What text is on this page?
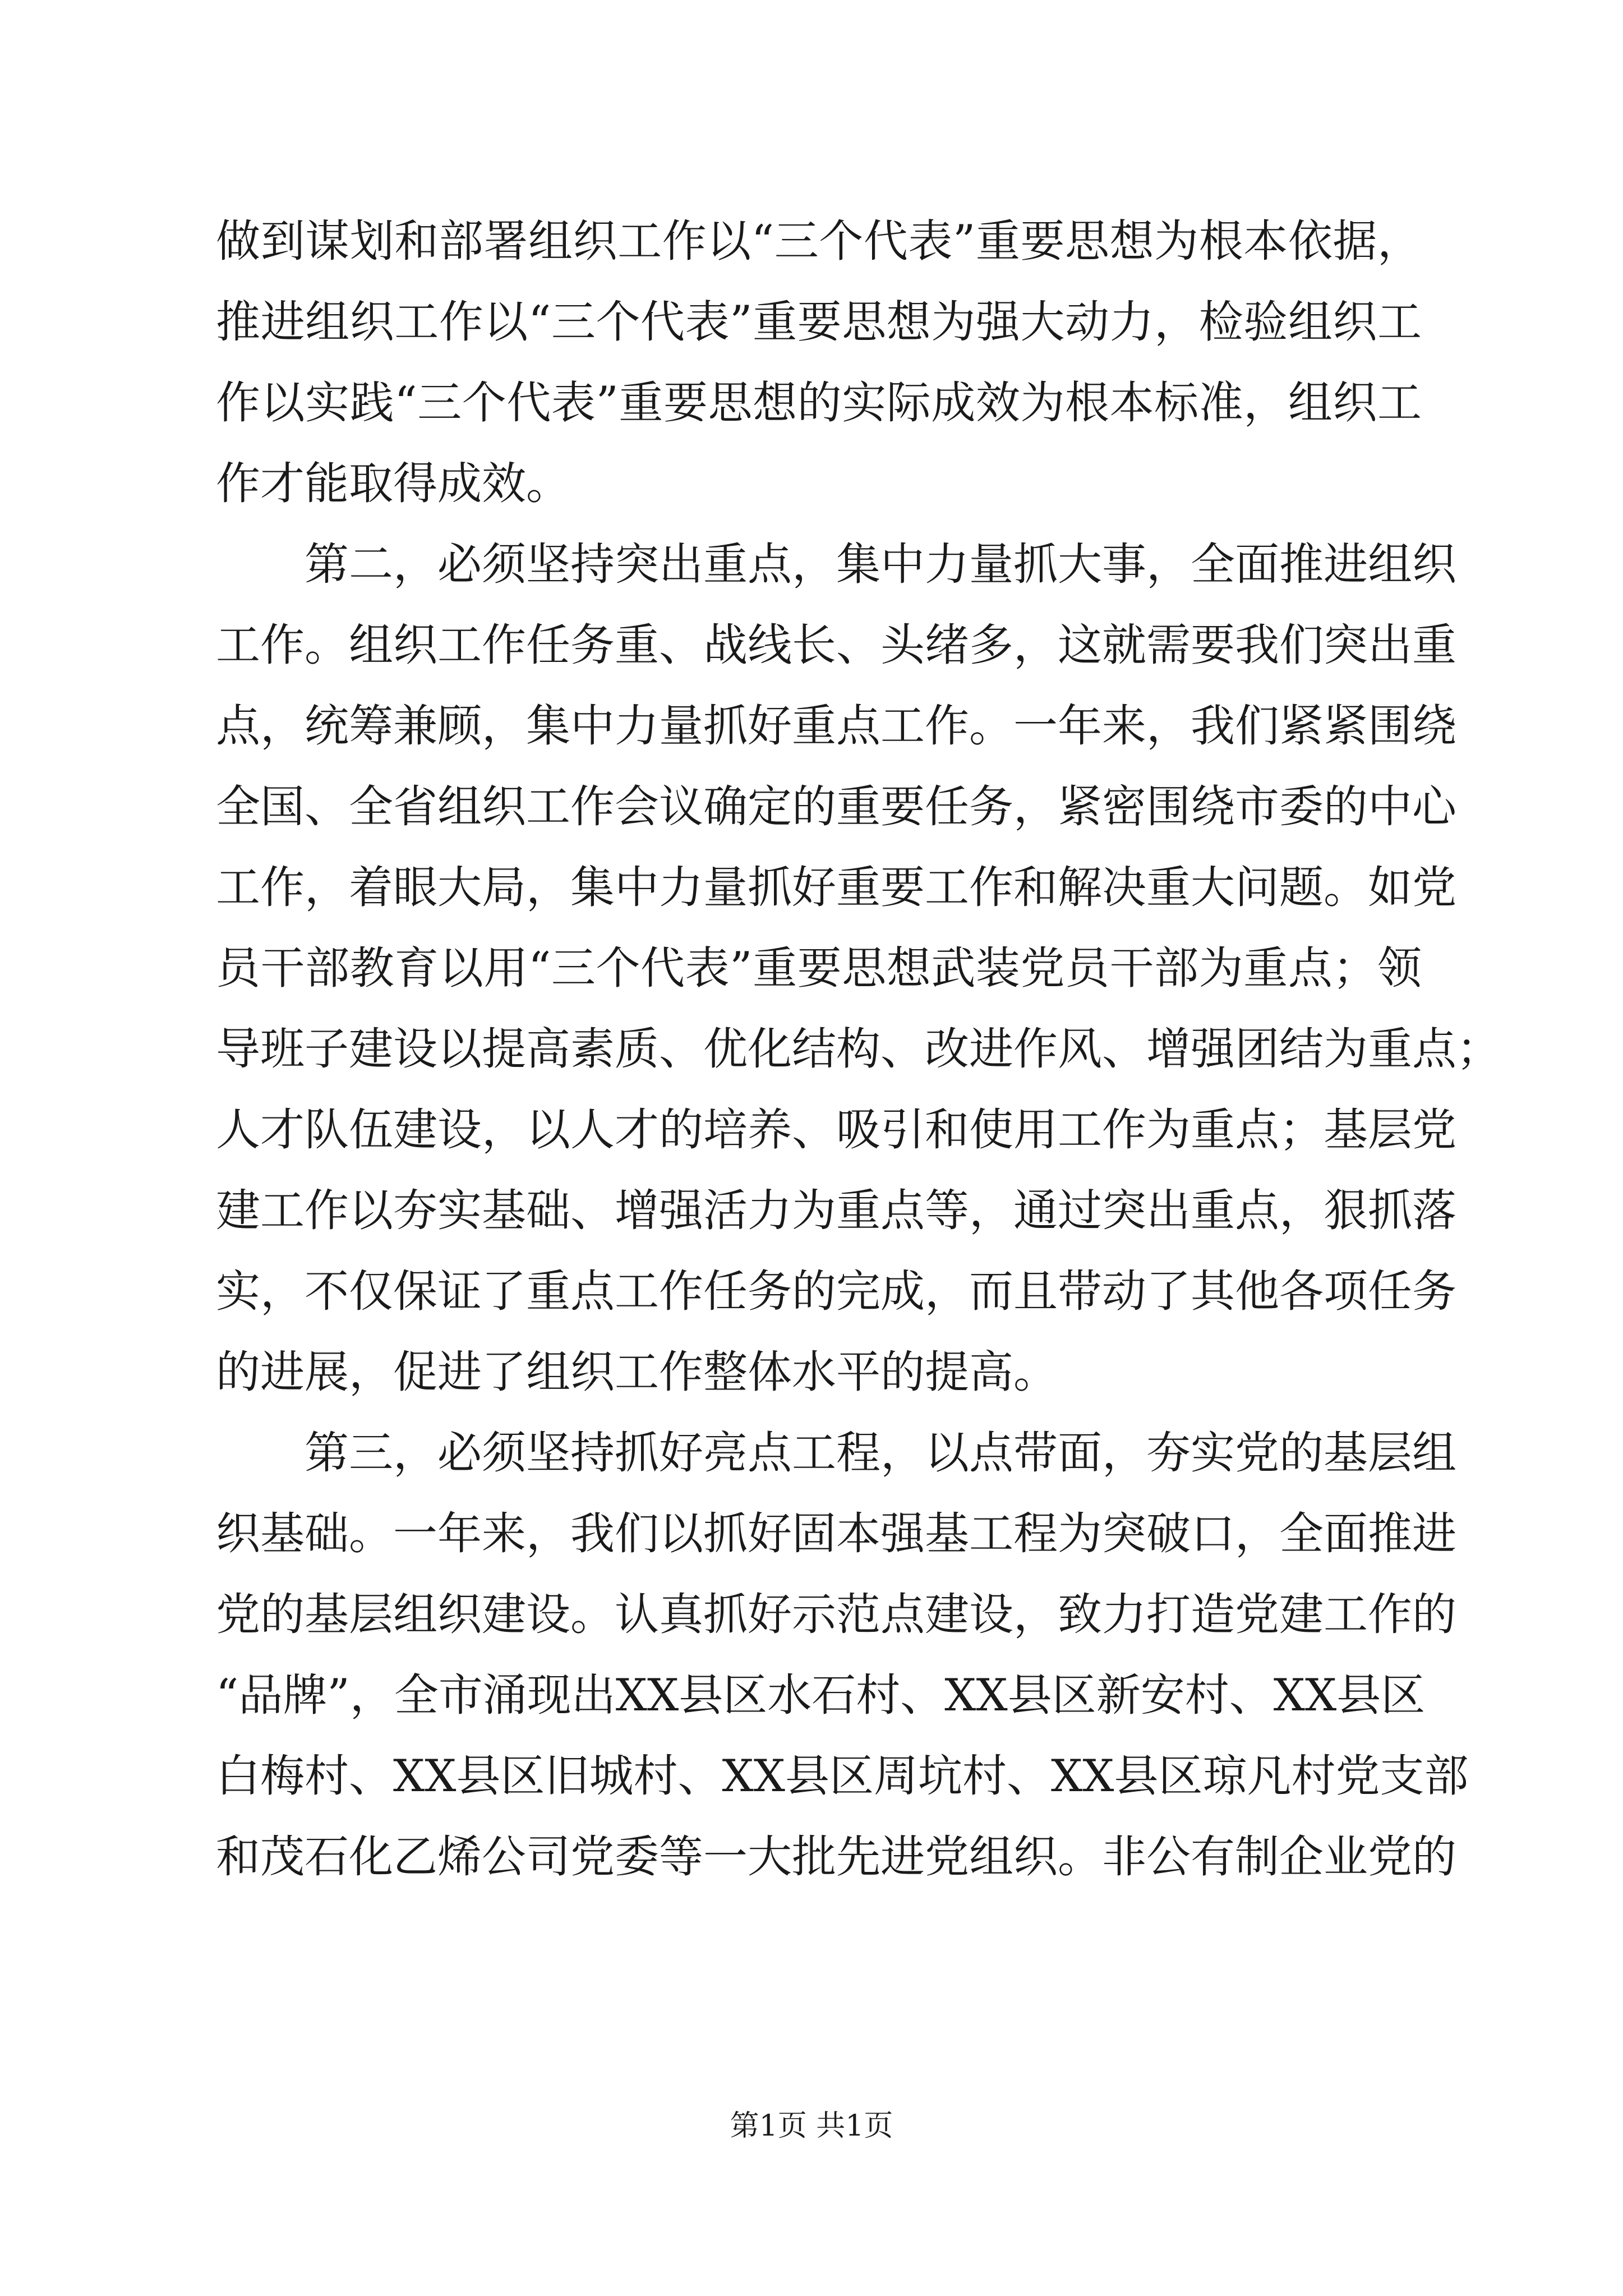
做到谋划和部署组织工作以“三个代表”重要思想为根本依据，
推进组织工作以“三个代表”重要思想为强大动力，检验组织工
作以实践“三个代表”重要思想的实际成效为根本标准，组织工
作才能取得成效。
　　第二，必须坚持突出重点，集中力量抓大事，全面推进组织
工作。组织工作任务重、战线长、头绪多，这就需要我们突出重
点，统筹兼顾，集中力量抓好重点工作。一年来，我们紧紧围绕
全国、全省组织工作会议确定的重要任务，紧密围绕市委的中心
工作，着眼大局，集中力量抓好重要工作和解决重大问题。如党
员干部教育以用“三个代表”重要思想武装党员干部为重点；领
导班子建设以提高素质、优化结构、改进作风、增强团结为重点；
人才队伍建设，以人才的培养、吸引和使用工作为重点；基层党
建工作以夯实基础、增强活力为重点等，通过突出重点，狠抓落
实，不仅保证了重点工作任务的完成，而且带动了其他各项任务
的进展，促进了组织工作整体水平的提高。
　　第三，必须坚持抓好亮点工程，以点带面，夯实党的基层组
织基础。一年来，我们以抓好固本强基工程为突破口，全面推进
党的基层组织建设。认真抓好示范点建设，致力打造党建工作的
“品牌”，全市涌现出XX县区水石村、XX县区新安村、XX县区
白梅村、XX县区旧城村、XX县区周坑村、XX县区琼凡村党支部
和茂石化乙烯公司党委等一大批先进党组织。非公有制企业党的
第1页 共1页
